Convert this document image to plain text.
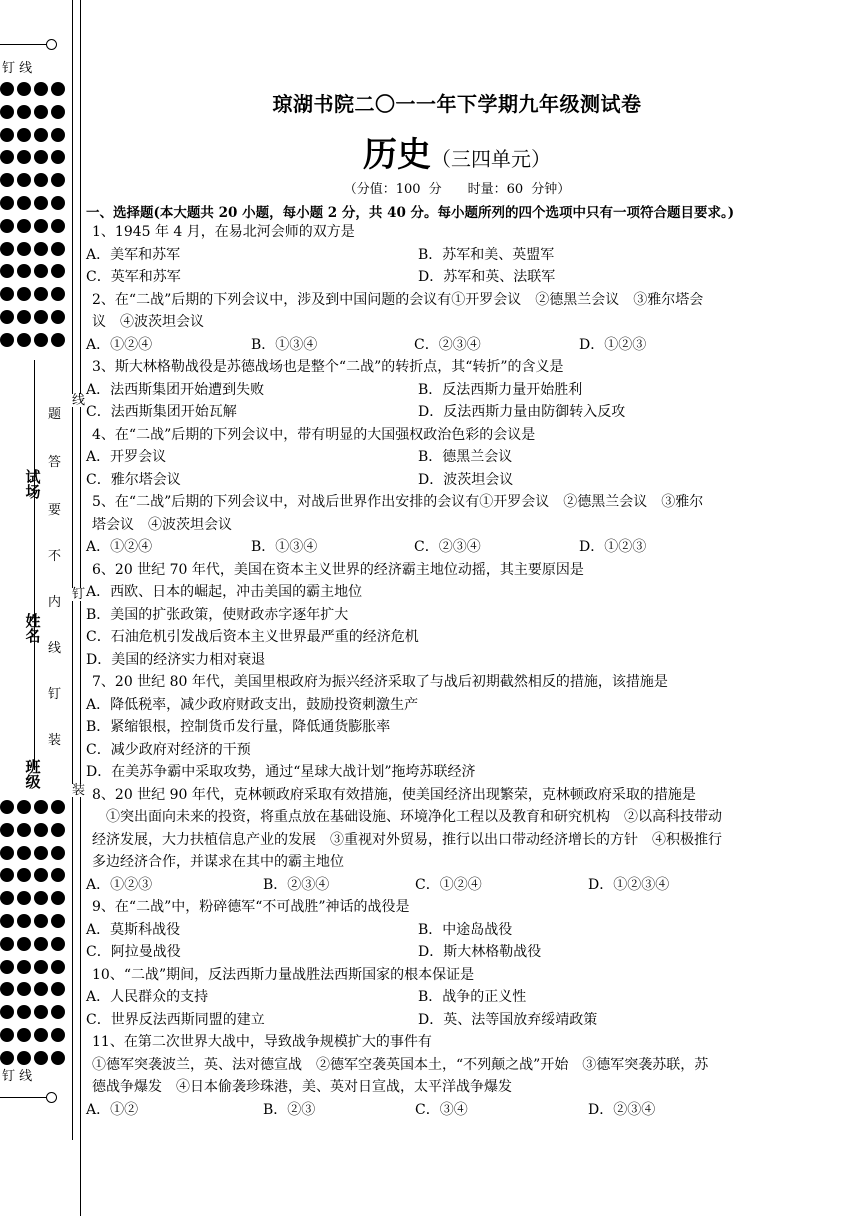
钉 线
试场
姓名
班级
题
答
要
不
内
线
钉
装
线
钉
装
钉 线
琼湖书院二〇一一年下学期九年级测试卷
历史（三四单元）
（分值：100 分　　时量：60 分钟）
一、选择题(本大题共 20 小题，每小题 2 分，共 40 分。每小题所列的四个选项中只有一项符合题目要求。)
1、1945 年 4 月，在易北河会师的双方是
A．美军和苏军	B．苏军和美、英盟军
C．英军和苏军	D．苏军和英、法联军
2、在“二战”后期的下列会议中，涉及到中国问题的会议有①开罗会议　②德黑兰会议　③雅尔塔会
议　④波茨坦会议
A．①②④	B．①③④	C．②③④	D．①②③
3、斯大林格勒战役是苏德战场也是整个“二战”的转折点，其“转折”的含义是
A．法西斯集团开始遭到失败	B．反法西斯力量开始胜利
C．法西斯集团开始瓦解	D．反法西斯力量由防御转入反攻
4、在“二战”后期的下列会议中，带有明显的大国强权政治色彩的会议是
A．开罗会议	B．德黑兰会议
C．雅尔塔会议	D．波茨坦会议
5、在“二战”后期的下列会议中，对战后世界作出安排的会议有①开罗会议　②德黑兰会议　③雅尔
塔会议　④波茨坦会议
A．①②④	B．①③④	C．②③④	D．①②③
6、20 世纪 70 年代，美国在资本主义世界的经济霸主地位动摇，其主要原因是
A．西欧、日本的崛起，冲击美国的霸主地位
B．美国的扩张政策，使财政赤字逐年扩大
C．石油危机引发战后资本主义世界最严重的经济危机
D．美国的经济实力相对衰退
7、20 世纪 80 年代，美国里根政府为振兴经济采取了与战后初期截然相反的措施，该措施是
A．降低税率，减少政府财政支出，鼓励投资刺激生产
B．紧缩银根，控制货币发行量，降低通货膨胀率
C．减少政府对经济的干预
D．在美苏争霸中采取攻势，通过“星球大战计划”拖垮苏联经济
8、20 世纪 90 年代，克林顿政府采取有效措施，使美国经济出现繁荣，克林顿政府采取的措施是
　①突出面向未来的投资，将重点放在基础设施、环境净化工程以及教育和研究机构　②以高科技带动
经济发展，大力扶植信息产业的发展　③重视对外贸易，推行以出口带动经济增长的方针　④积极推行
多边经济合作，并谋求在其中的霸主地位
A．①②③	B．②③④	C．①②④	D．①②③④
9、在“二战”中，粉碎德军“不可战胜”神话的战役是
A．莫斯科战役	B．中途岛战役
C．阿拉曼战役	D．斯大林格勒战役
10、“二战”期间，反法西斯力量战胜法西斯国家的根本保证是
A．人民群众的支持	B．战争的正义性
C．世界反法西斯同盟的建立	D．英、法等国放弃绥靖政策
11、在第二次世界大战中，导致战争规模扩大的事件有
①德军突袭波兰，英、法对德宣战　②德军空袭英国本土，“不列颠之战”开始　③德军突袭苏联，苏
德战争爆发　④日本偷袭珍珠港，美、英对日宣战，太平洋战争爆发
A．①②	B．②③	C．③④	D．②③④
